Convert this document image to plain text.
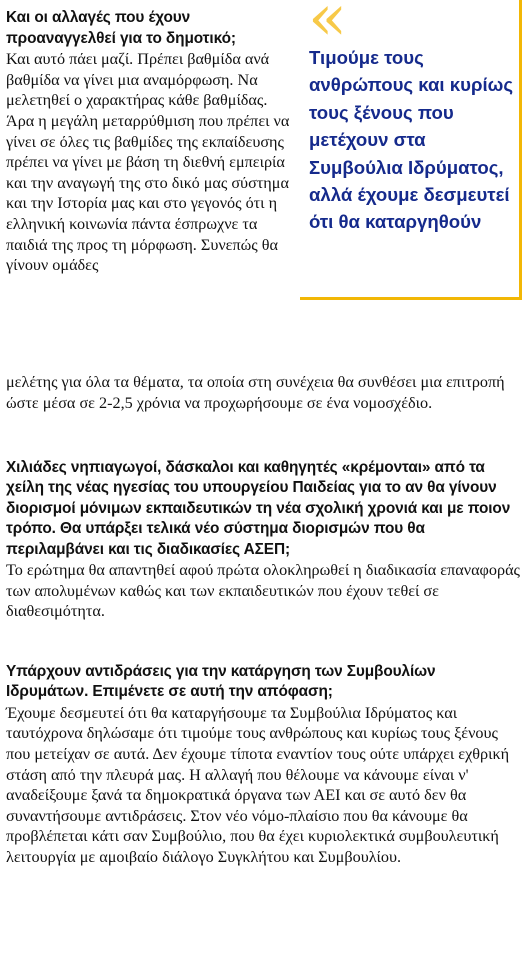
Και οι αλλαγές που έχουν προαναγγελθεί για το δημοτικό;
Και αυτό πάει μαζί. Πρέπει βαθμίδα ανά βαθμίδα να γίνει μια αναμόρφωση. Να μελετηθεί ο χαρακτήρας κάθε βαθμίδας. Άρα η μεγάλη μεταρρύθμιση που πρέπει να γίνει σε όλες τις βαθμίδες της εκπαίδευσης πρέπει να γίνει με βάση τη διεθνή εμπειρία και την αναγωγή της στο δικό μας σύστημα και την Ιστορία μας και στο γεγονός ότι η ελληνική κοινωνία πάντα έσπρωχνε τα παιδιά της προς τη μόρφωση. Συνεπώς θα γίνουν ομάδες
«
Τιμούμε τους ανθρώπους και κυρίως τους ξένους που μετέχουν στα Συμβούλια Ιδρύματος, αλλά έχουμε δεσμευτεί ότι θα καταργηθούν
μελέτης για όλα τα θέματα, τα οποία στη συνέχεια θα συνθέσει μια επιτροπή ώστε μέσα σε 2-2,5 χρόνια να προχωρήσουμε σε ένα νομοσχέδιο.
Χιλιάδες νηπιαγωγοί, δάσκαλοι και καθηγητές «κρέμονται» από τα χείλη της νέας ηγεσίας του υπουργείου Παιδείας για το αν θα γίνουν διορισμοί μόνιμων εκπαιδευτικών τη νέα σχολική χρονιά και με ποιον τρόπο. Θα υπάρξει τελικά νέο σύστημα διορισμών που θα περιλαμβάνει και τις διαδικασίες ΑΣΕΠ;
Το ερώτημα θα απαντηθεί αφού πρώτα ολοκληρωθεί η διαδικασία επαναφοράς των απολυμένων καθώς και των εκπαιδευτικών που έχουν τεθεί σε διαθεσιμότητα.
Υπάρχουν αντιδράσεις για την κατάργηση των Συμβουλίων Ιδρυμάτων. Επιμένετε σε αυτή την απόφαση;
Έχουμε δεσμευτεί ότι θα καταργήσουμε τα Συμβούλια Ιδρύματος και ταυτόχρονα δηλώσαμε ότι τιμούμε τους ανθρώπους και κυρίως τους ξένους που μετείχαν σε αυτά. Δεν έχουμε τίποτα εναντίον τους ούτε υπάρχει εχθρική στάση από την πλευρά μας. Η αλλαγή που θέλουμε να κάνουμε είναι ν' αναδείξουμε ξανά τα δημοκρατικά όργανα των ΑΕΙ και σε αυτό δεν θα συναντήσουμε αντιδράσεις. Στον νέο νόμο-πλαίσιο που θα κάνουμε θα προβλέπεται κάτι σαν Συμβούλιο, που θα έχει κυριολεκτικά συμβουλευτική λειτουργία με αμοιβαίο διάλογο Συγκλήτου και Συμβουλίου.
